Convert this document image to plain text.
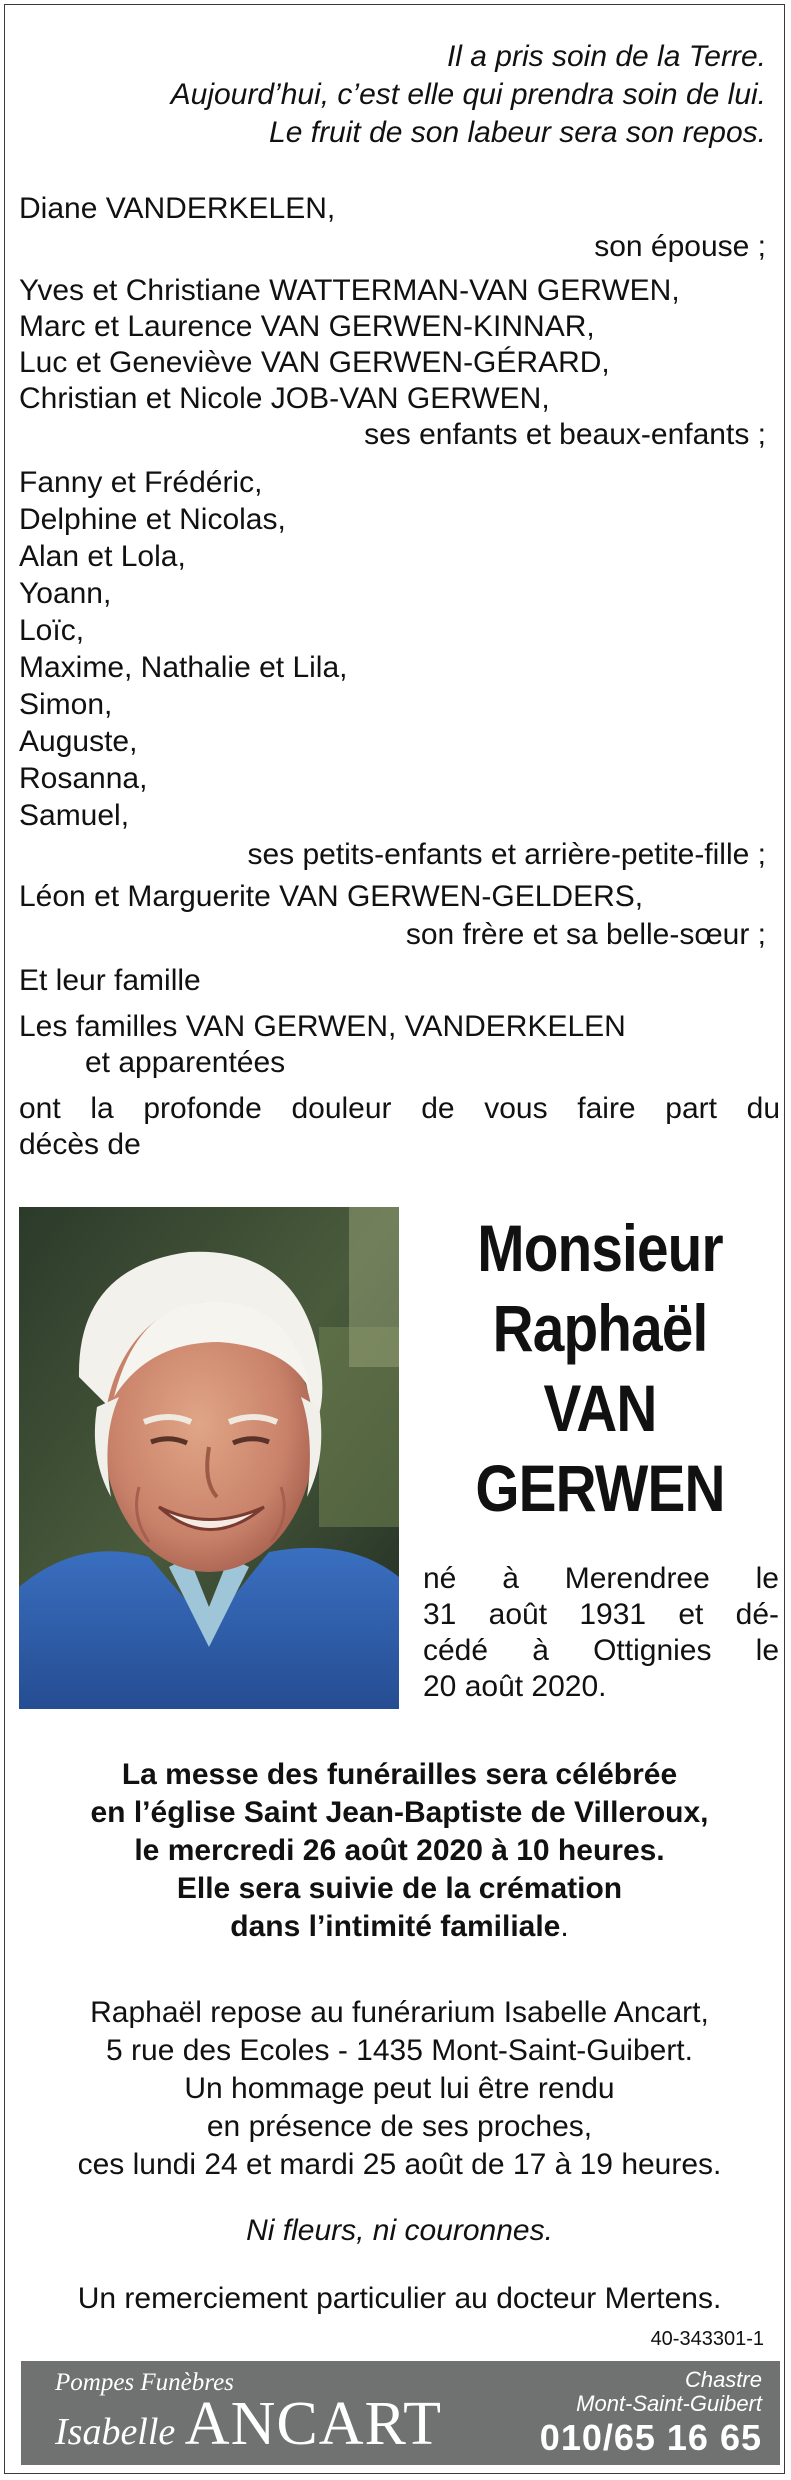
Il a pris soin de la Terre.
Aujourd’hui, c’est elle qui prendra soin de lui.
Le fruit de son labeur sera son repos.
Diane VANDERKELEN,
son épouse ;
Yves et Christiane WATTERMAN-VAN GERWEN,
Marc et Laurence VAN GERWEN-KINNAR,
Luc et Geneviève VAN GERWEN-GÉRARD,
Christian et Nicole JOB-VAN GERWEN,
ses enfants et beaux-enfants ;
Fanny et Frédéric,
Delphine et Nicolas,
Alan et Lola,
Yoann,
Loïc,
Maxime, Nathalie et Lila,
Simon,
Auguste,
Rosanna,
Samuel,
ses petits-enfants et arrière-petite-fille ;
Léon et Marguerite VAN GERWEN-GELDERS,
son frère et sa belle-sœur ;
Et leur famille
Les familles VAN GERWEN, VANDERKELEN
et apparentées
ont la profonde douleur de vous faire part du
décès de
Monsieur
Raphaël
VAN
GERWEN
né à Merendree le
31 août 1931 et dé-
cédé à Ottignies le
20 août 2020.
La messe des funérailles sera célébrée
en l’église Saint Jean-Baptiste de Villeroux,
le mercredi 26 août 2020 à 10 heures.
Elle sera suivie de la crémation
dans l’intimité familiale.
Raphaël repose au funérarium Isabelle Ancart,
5 rue des Ecoles - 1435 Mont-Saint-Guibert.
Un hommage peut lui être rendu
en présence de ses proches,
ces lundi 24 et mardi 25 août de 17 à 19 heures.
Ni fleurs, ni couronnes.
Un remerciement particulier au docteur Mertens.
40-343301-1
Pompes Funèbres
Isabelle ANCART
Chastre
Mont-Saint-Guibert
010/65 16 65
